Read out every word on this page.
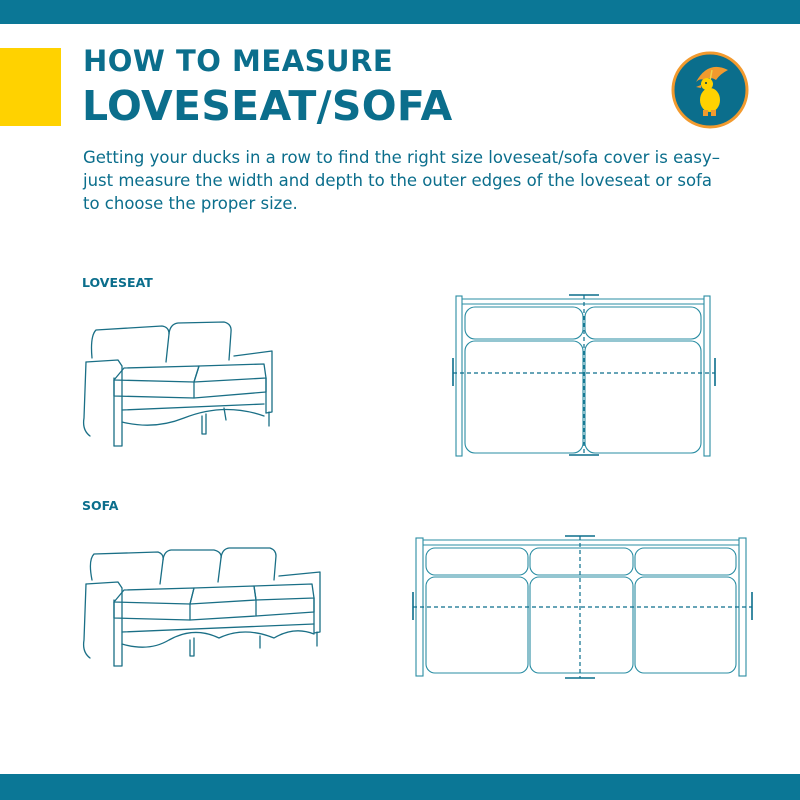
HOW TO MEASURE
LOVESEAT/SOFA

Getting your ducks in a row to find the right size loveseat/sofa cover is easy–just measure the width and depth to the outer edges of the loveseat or sofa to choose the proper size.

LOVESEAT

SOFA
